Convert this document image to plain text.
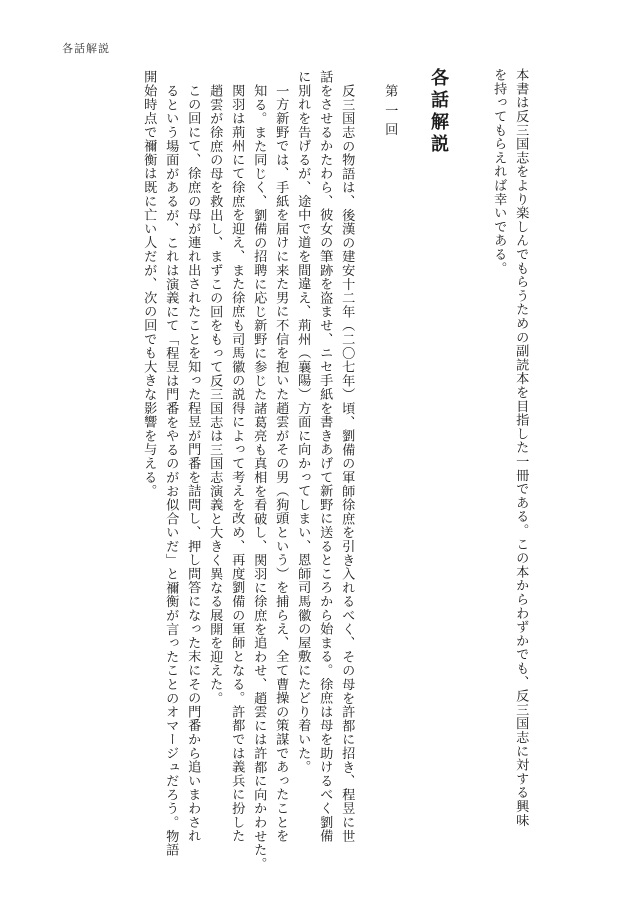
各話解説
本書は反三国志をより楽しんでもらうための副読本を目指した一冊である。この本からわずかでも、反三国志に対する興味
を持ってもらえれば幸いである。
各話解説
第一回
反三国志の物語は、後漢の建安十二年（二〇七年）頃、劉備の軍師徐庶を引き入れるべく、その母を許都に招き、程昱に世
話をさせるかたわら、彼女の筆跡を盗ませ、ニセ手紙を書きあげて新野に送るところから始まる。徐庶は母を助けるべく劉備
に別れを告げるが、途中で道を間違え、荊州（襄陽）方面に向かってしまい、恩師司馬徽の屋敷にたどり着いた。
　一方新野では、手紙を届けに来た男に不信を抱いた趙雲がその男（狗頭という）を捕らえ、全て曹操の策謀であったことを
知る。また同じく、劉備の招聘に応じ新野に参じた諸葛亮も真相を看破し、関羽に徐庶を追わせ、趙雲には許都に向かわせた。
　関羽は荊州にて徐庶を迎え、また徐庶も司馬徽の説得によって考えを改め、再度劉備の軍師となる。許都では義兵に扮した
趙雲が徐庶の母を救出し、まずこの回をもって反三国志は三国志演義と大きく異なる展開を迎えた。
　この回にて、徐庶の母が連れ出されたことを知った程昱が門番を詰問し、押し問答になった末にその門番から追いまわされ
るという場面があるが、これは演義にて「程昱は門番をやるのがお似合いだ」と禰衡が言ったことのオマージュだろう。物語
開始時点で禰衡は既に亡い人だが、次の回でも大きな影響を与える。
